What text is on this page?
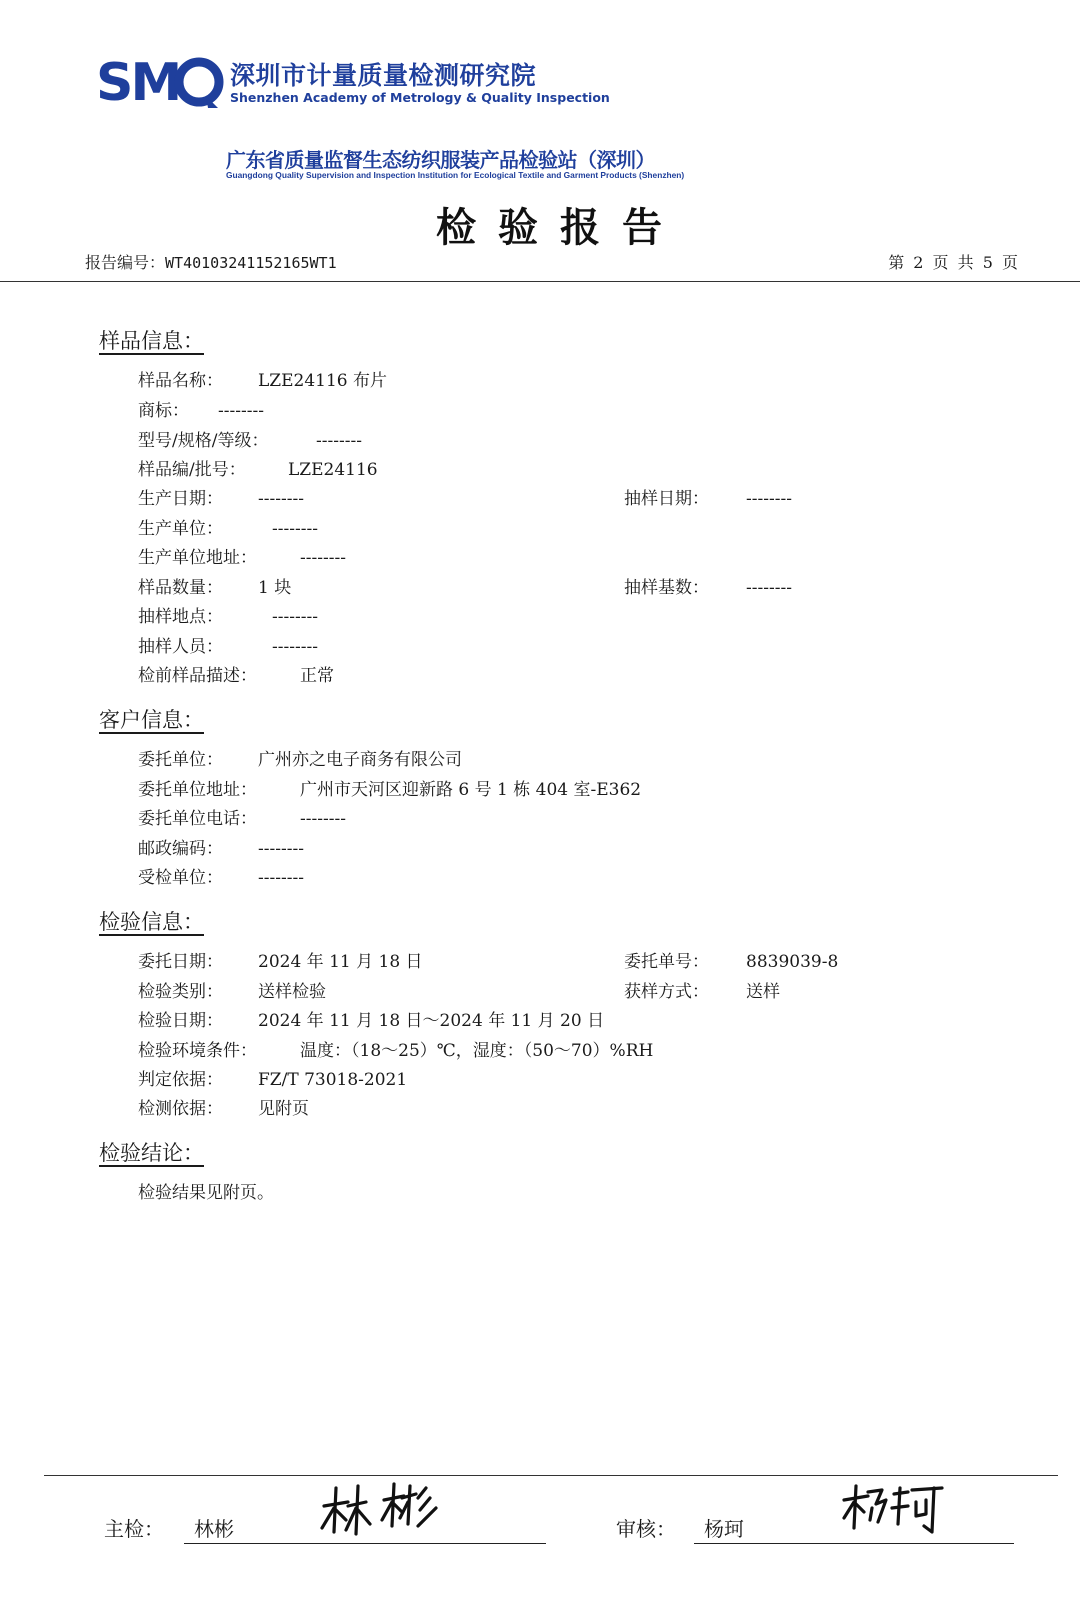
SM 深圳市计量质量检测研究院
Shenzhen Academy of Metrology & Quality Inspection
广东省质量监督生态纺织服装产品检验站（深圳）
Guangdong Quality Supervision and Inspection Institution for Ecological Textile and Garment Products (Shenzhen)
检验报告
报告编号：WT40103241152165WT1	第 2 页 共 5 页
样品信息：
样品名称： LZE24116 布片
商标： --------
型号/规格/等级：	--------
样品编/批号： LZE24116
生产日期： --------	抽样日期： --------
生产单位：	--------
生产单位地址：	--------
样品数量： 1 块	抽样基数： --------
抽样地点：	--------
抽样人员：	--------
检前样品描述：	正常
客户信息：
委托单位： 广州亦之电子商务有限公司
委托单位地址：	广州市天河区迎新路 6 号 1 栋 404 室-E362
委托单位电话：	--------
邮政编码： --------
受检单位： --------
检验信息：
委托日期： 2024 年 11 月 18 日	委托单号： 8839039-8
检验类别： 送样检验	获样方式： 送样
检验日期： 2024 年 11 月 18 日～2024 年 11 月 20 日
检验环境条件：	温度：（18～25）℃，湿度：（50～70）%RH
判定依据： FZ/T 73018-2021
检测依据： 见附页
检验结论：
检验结果见附页。
主检： 林彬	审核： 杨珂
